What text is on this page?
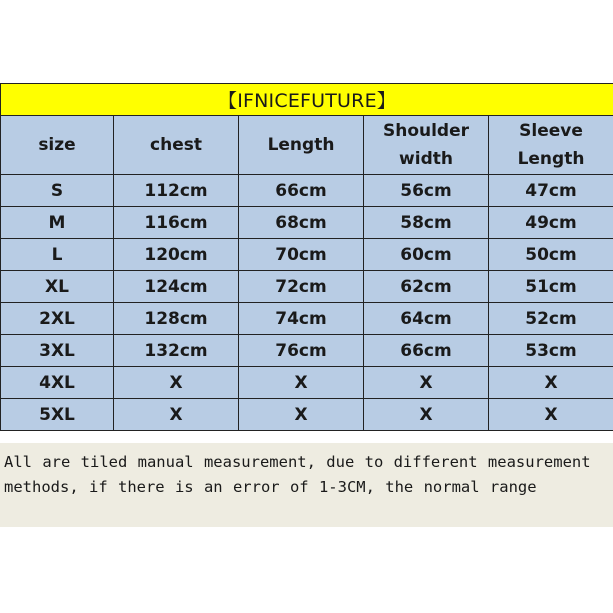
【IFNICEFUTURE】				
size	chest	Length	Shoulder width	Sleeve Length
S	112cm	66cm	56cm	47cm
M	116cm	68cm	58cm	49cm
L	120cm	70cm	60cm	50cm
XL	124cm	72cm	62cm	51cm
2XL	128cm	74cm	64cm	52cm
3XL	132cm	76cm	66cm	53cm
4XL	X	X	X	X
5XL	X	X	X	X
All are tiled manual measurement, due to different measurement methods, if there is an error of 1-3CM, the normal range
